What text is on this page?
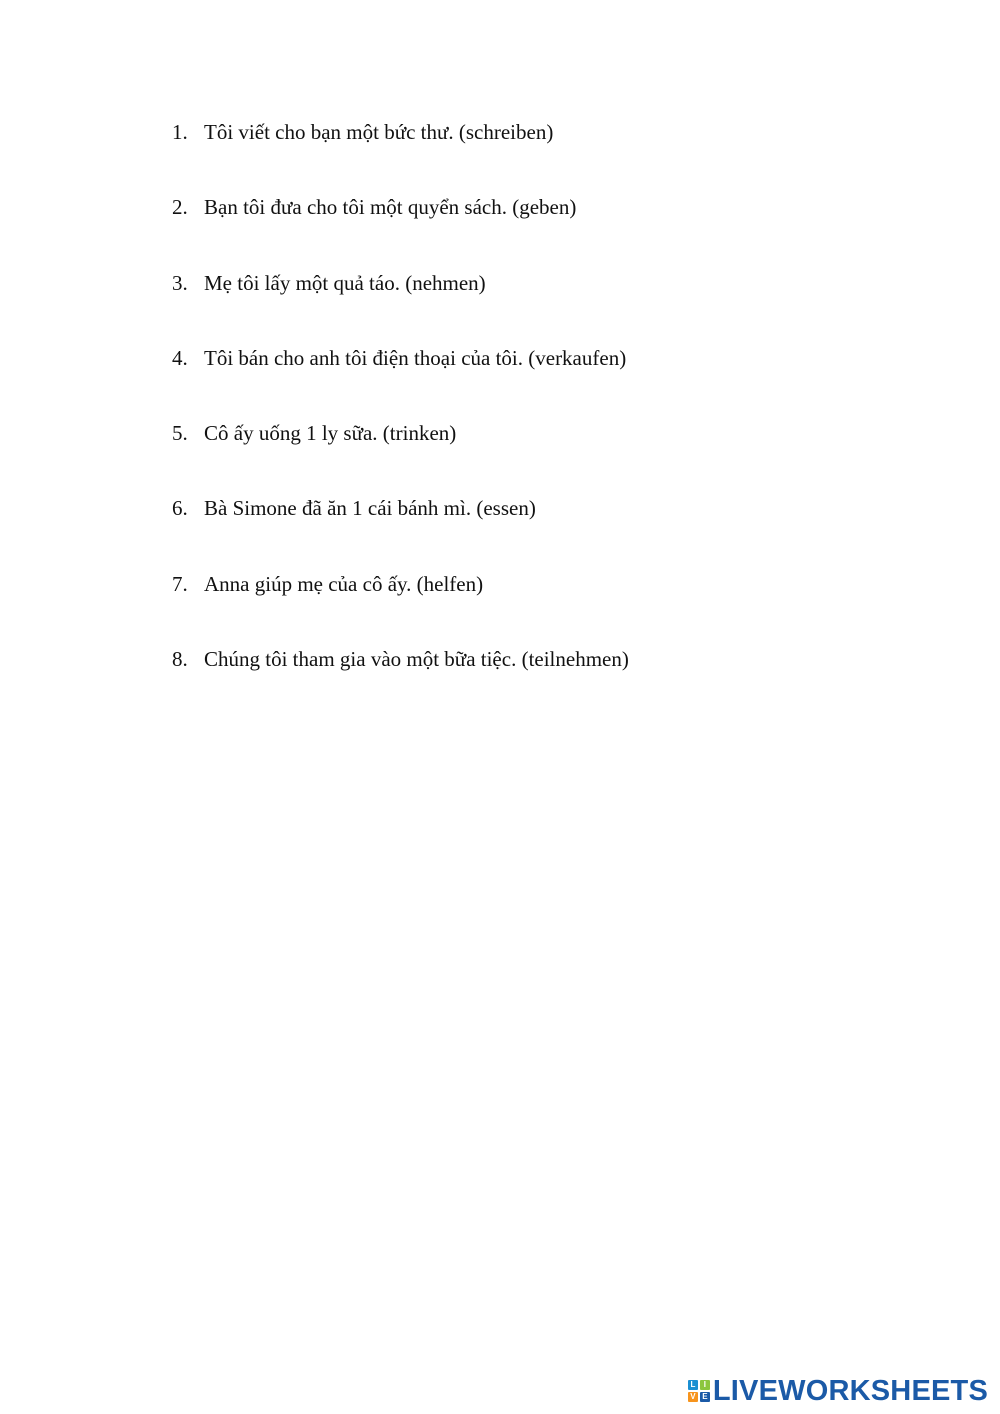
1. Tôi viết cho bạn một bức thư. (schreiben)
2. Bạn tôi đưa cho tôi một quyển sách. (geben)
3. Mẹ tôi lấy một quả táo. (nehmen)
4. Tôi bán cho anh tôi điện thoại của tôi. (verkaufen)
5. Cô ấy uống 1 ly sữa. (trinken)
6. Bà Simone đã ăn 1 cái bánh mì. (essen)
7. Anna giúp mẹ của cô ấy. (helfen)
8. Chúng tôi tham gia vào một bữa tiệc. (teilnehmen)
L	I
V E LIVEWORKSHEETS
